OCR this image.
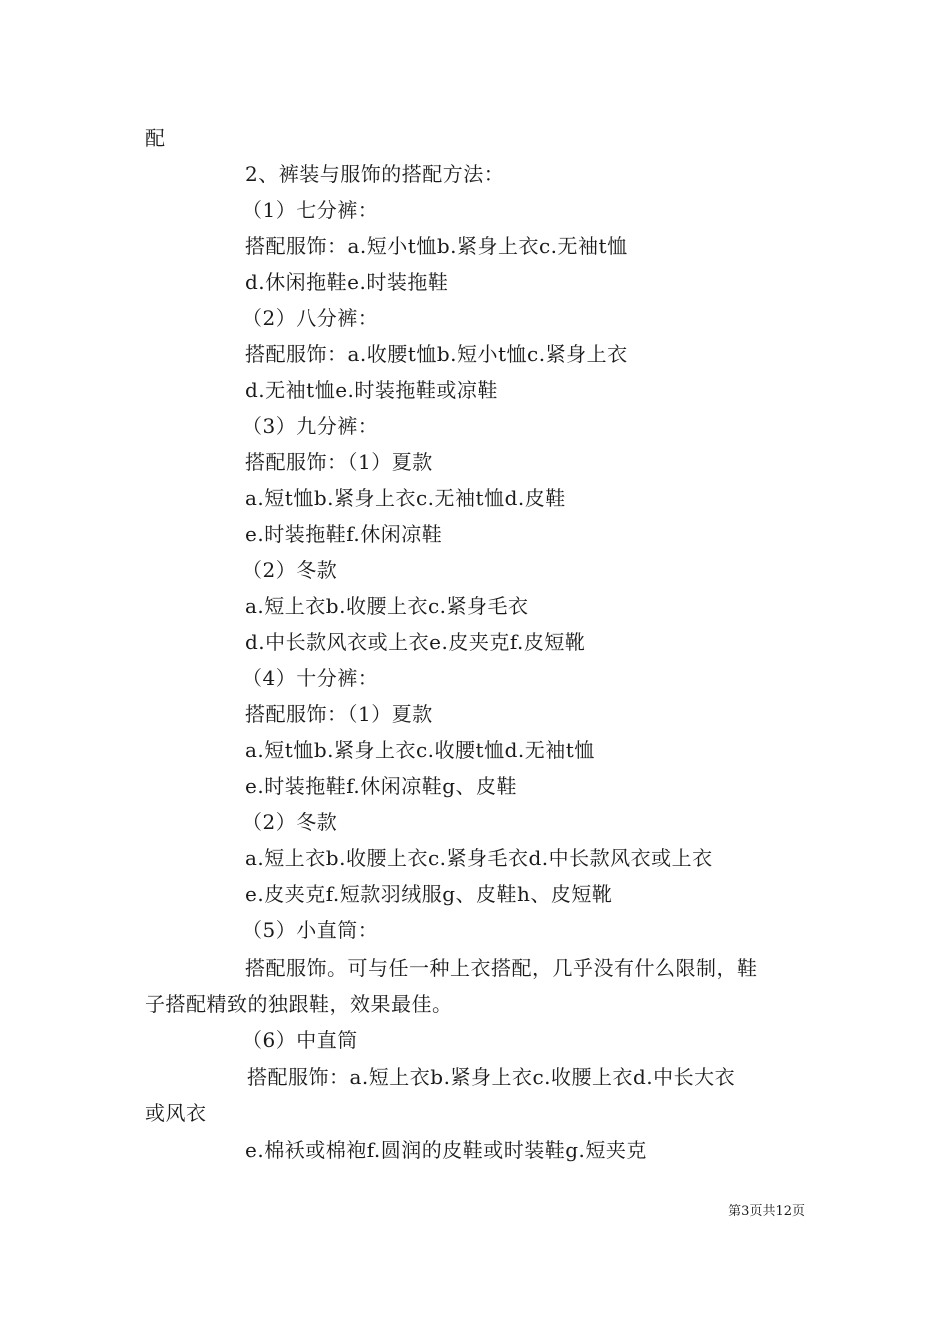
配
2、裤装与服饰的搭配方法：
（1）七分裤：
搭配服饰：a.短小t恤b.紧身上衣c.无袖t恤
d.休闲拖鞋e.时装拖鞋
（2）八分裤：
搭配服饰：a.收腰t恤b.短小t恤c.紧身上衣
d.无袖t恤e.时装拖鞋或凉鞋
（3）九分裤：
搭配服饰：（1）夏款
a.短t恤b.紧身上衣c.无袖t恤d.皮鞋
e.时装拖鞋f.休闲凉鞋
（2）冬款
a.短上衣b.收腰上衣c.紧身毛衣
d.中长款风衣或上衣e.皮夹克f.皮短靴
（4）十分裤：
搭配服饰：（1）夏款
a.短t恤b.紧身上衣c.收腰t恤d.无袖t恤
e.时装拖鞋f.休闲凉鞋g、皮鞋
（2）冬款
a.短上衣b.收腰上衣c.紧身毛衣d.中长款风衣或上衣
e.皮夹克f.短款羽绒服g、皮鞋h、皮短靴
（5）小直筒：
搭配服饰。可与任一种上衣搭配，几乎没有什么限制，鞋
子搭配精致的独跟鞋，效果最佳。
（6）中直筒
搭配服饰：a.短上衣b.紧身上衣c.收腰上衣d.中长大衣
或风衣
e.棉袄或棉袍f.圆润的皮鞋或时装鞋g.短夹克
第3页共12页
